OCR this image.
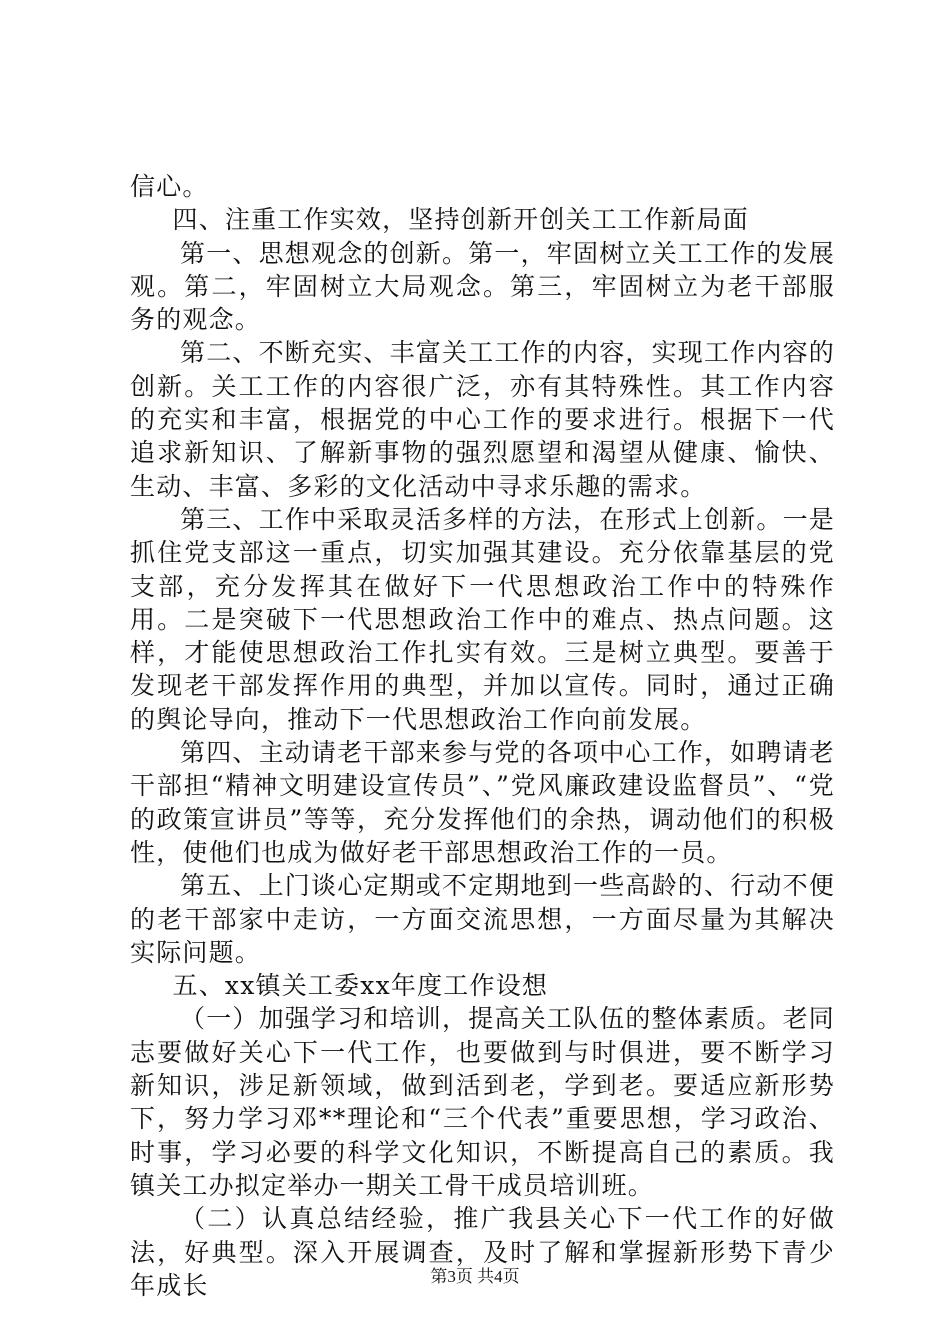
信心。

四、注重工作实效，坚持创新开创关工工作新局面

第一、思想观念的创新。第一，牢固树立关工工作的发展观。第二，牢固树立大局观念。第三，牢固树立为老干部服务的观念。

第二、不断充实、丰富关工工作的内容，实现工作内容的创新。关工工作的内容很广泛，亦有其特殊性。其工作内容的充实和丰富，根据党的中心工作的要求进行。根据下一代追求新知识、了解新事物的强烈愿望和渴望从健康、愉快、生动、丰富、多彩的文化活动中寻求乐趣的需求。

第三、工作中采取灵活多样的方法，在形式上创新。一是抓住党支部这一重点，切实加强其建设。充分依靠基层的党支部，充分发挥其在做好下一代思想政治工作中的特殊作用。二是突破下一代思想政治工作中的难点、热点问题。这样，才能使思想政治工作扎实有效。三是树立典型。要善于发现老干部发挥作用的典型，并加以宣传。同时，通过正确的舆论导向，推动下一代思想政治工作向前发展。

第四、主动请老干部来参与党的各项中心工作，如聘请老干部担“精神文明建设宣传员”、”党风廉政建设监督员”、“党的政策宣讲员”等等，充分发挥他们的余热，调动他们的积极性，使他们也成为做好老干部思想政治工作的一员。

第五、上门谈心定期或不定期地到一些高龄的、行动不便的老干部家中走访，一方面交流思想，一方面尽量为其解决实际问题。

五、xx镇关工委xx年度工作设想

（一）加强学习和培训，提高关工队伍的整体素质。老同志要做好关心下一代工作，也要做到与时俱进，要不断学习新知识，涉足新领域，做到活到老，学到老。要适应新形势下，努力学习邓**理论和“三个代表”重要思想，学习政治、时事，学习必要的科学文化知识，不断提高自己的素质。我镇关工办拟定举办一期关工骨干成员培训班。

（二）认真总结经验，推广我县关心下一代工作的好做法，好典型。深入开展调查，及时了解和掌握新形势下青少年成长	第3页 共4页
